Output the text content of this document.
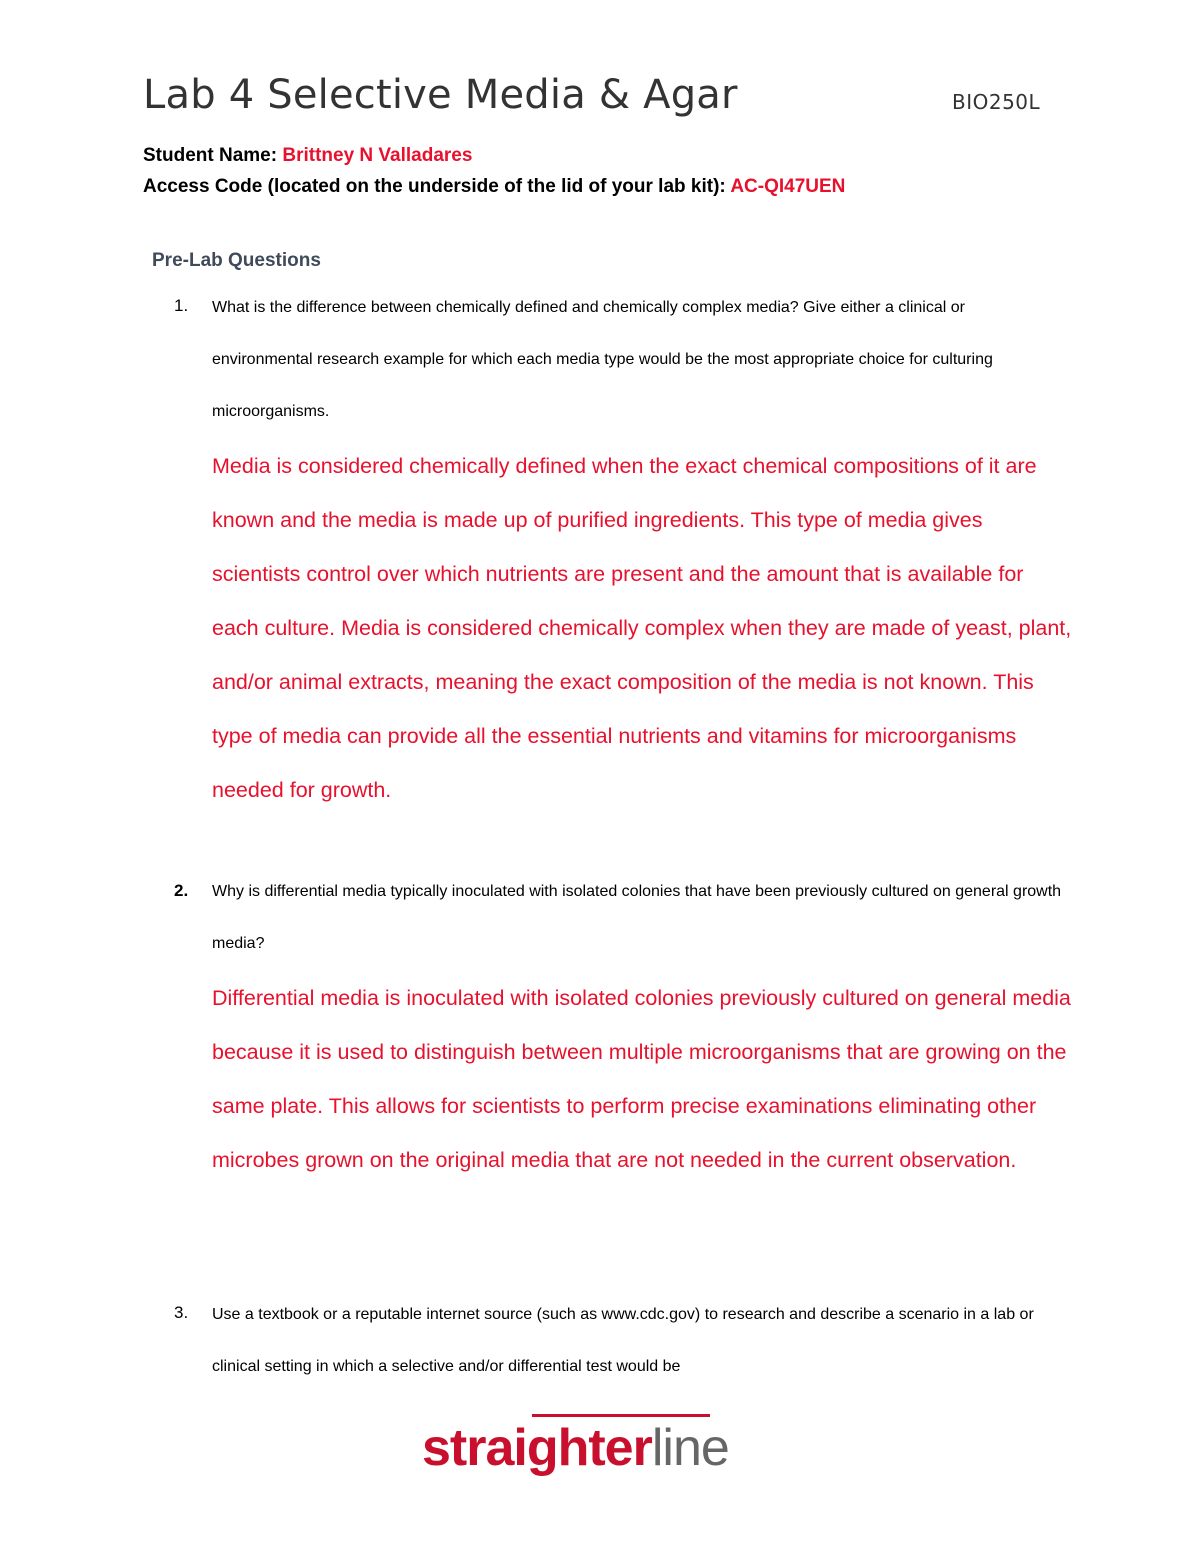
Lab 4 Selective Media & Agar	BIO250L
Student Name: Brittney N Valladares
Access Code (located on the underside of the lid of your lab kit): AC-QI47UEN
Pre-Lab Questions
1. What is the difference between chemically defined and chemically complex media? Give either a clinical or environmental research example for which each media type would be the most appropriate choice for culturing microorganisms.
Media is considered chemically defined when the exact chemical compositions of it are known and the media is made up of purified ingredients. This type of media gives scientists control over which nutrients are present and the amount that is available for each culture. Media is considered chemically complex when they are made of yeast, plant, and/or animal extracts, meaning the exact composition of the media is not known. This type of media can provide all the essential nutrients and vitamins for microorganisms needed for growth.
2. Why is differential media typically inoculated with isolated colonies that have been previously cultured on general growth media?
Differential media is inoculated with isolated colonies previously cultured on general media because it is used to distinguish between multiple microorganisms that are growing on the same plate. This allows for scientists to perform precise examinations eliminating other microbes grown on the original media that are not needed in the current observation.
3. Use a textbook or a reputable internet source (such as www.cdc.gov) to research and describe a scenario in a lab or clinical setting in which a selective and/or differential test would be
straighterline
